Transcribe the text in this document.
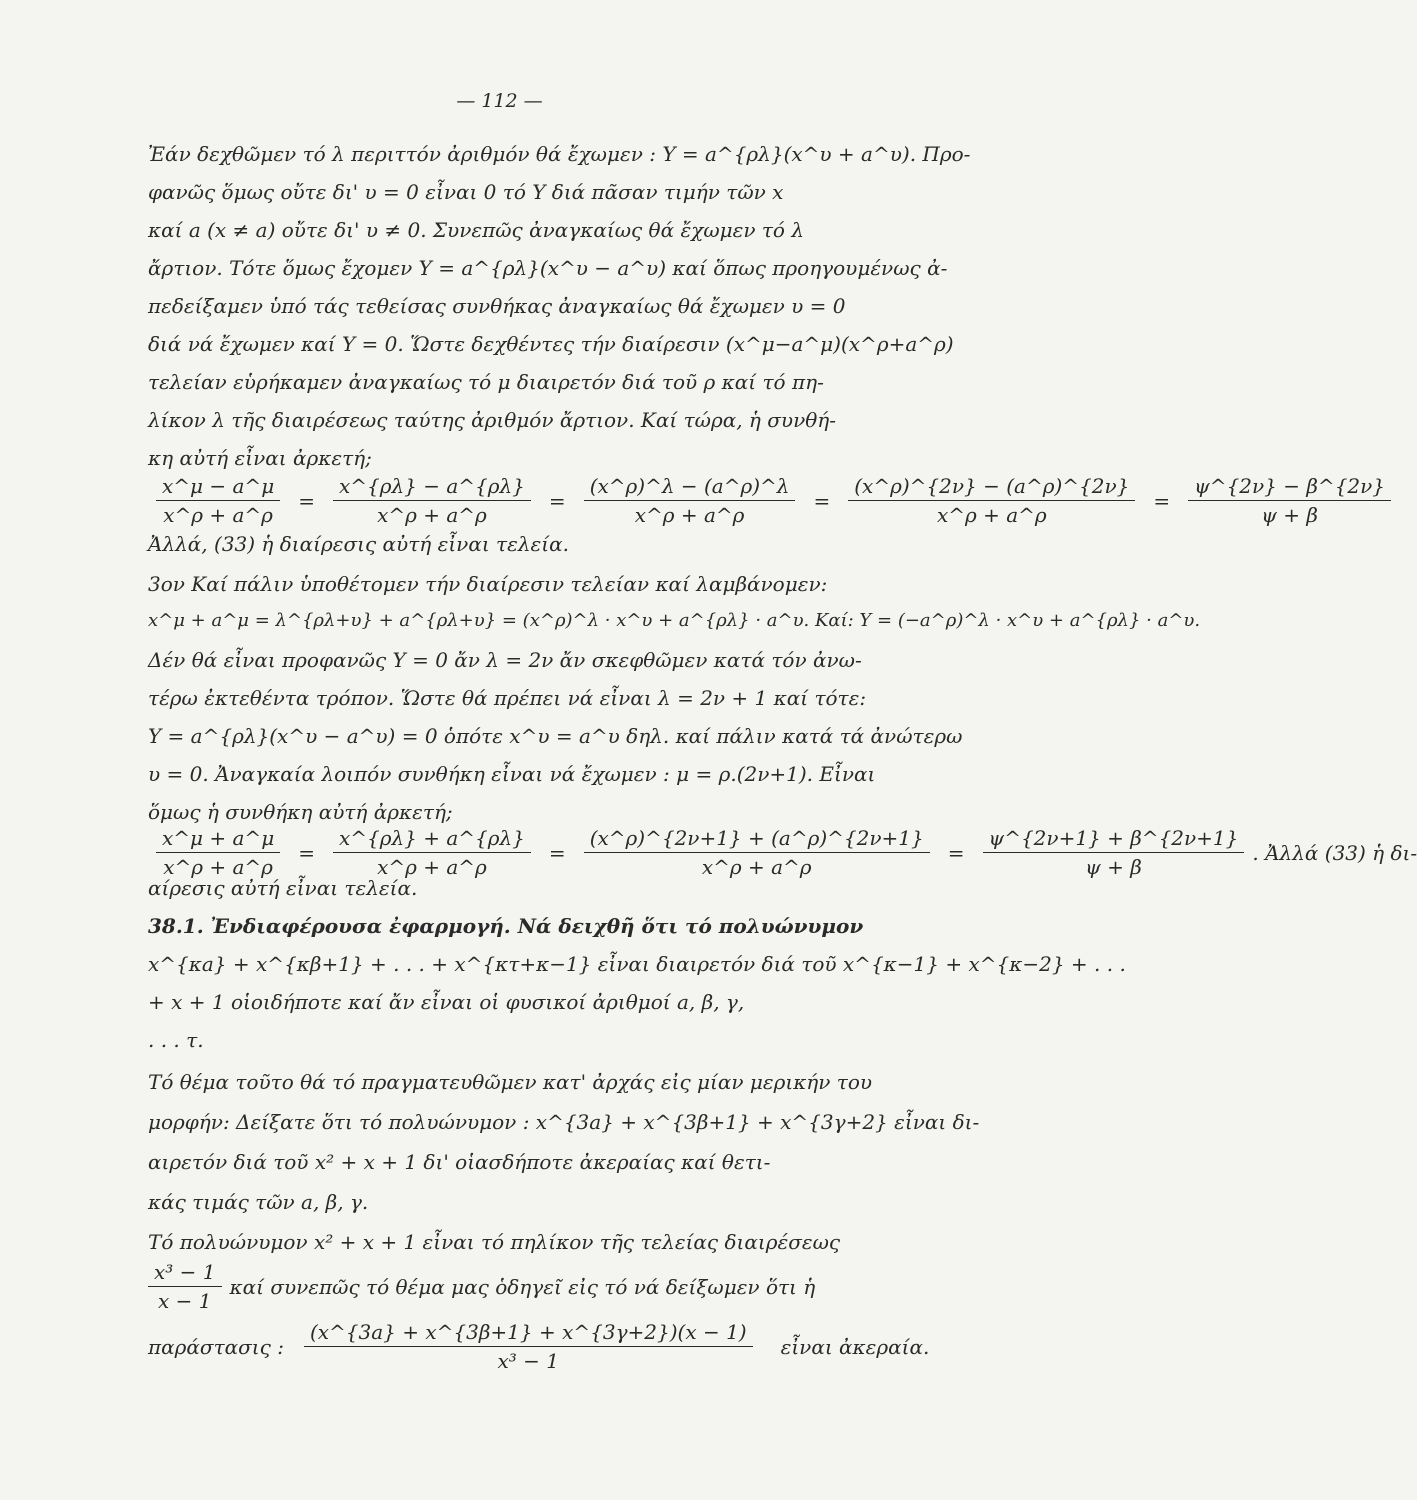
— 112 —
Ἐάν δεχθῶμεν τό λ περιττόν ἀριθμόν θά ἔχωμεν : Y = a^{ρλ}(x^υ + a^υ). Προ-
φανῶς ὅμως οὔτε δι' υ = 0 εἶναι 0 τό Y διά πᾶσαν τιμήν τῶν x
καί a (x ≠ a) οὔτε δι' υ ≠ 0. Συνεπῶς ἀναγκαίως θά ἔχωμεν τό λ
ἄρτιον. Τότε ὅμως ἔχομεν Y = a^{ρλ}(x^υ − a^υ) καί ὅπως προηγουμένως ἀ-
πεδείξαμεν ὑπό τάς τεθείσας συνθήκας ἀναγκαίως θά ἔχωμεν υ = 0
διά νά ἔχωμεν καί Y = 0. Ὥστε δεχθέντες τήν διαίρεσιν (x^μ−a^μ)(x^ρ+a^ρ)
τελείαν εὑρήκαμεν ἀναγκαίως τό μ διαιρετόν διά τοῦ ρ καί τό πη-
λίκον λ τῆς διαιρέσεως ταύτης ἀριθμόν ἄρτιον. Καί τώρα, ἡ συνθή-
κη αὐτή εἶναι ἀρκετή;
$\frac{x\^{}\mu - a\^{}\mu}{x\^{}\rho + a\^{}\rho} = \frac{x\^{}\{\rho\lambda\} - a\^{}\{\rho\lambda\}}{x\^{}\rho + a\^{}\rho} = \frac{(x\^{}\rho)\^{}\lambda - (a\^{}\rho)\^{}\lambda}{x\^{}\rho + a\^{}\rho} = \frac{(x\^{}\rho)\^{}\{2\nu\} - (a\^{}\rho)\^{}\{2\nu\}}{x\^{}\rho + a\^{}\rho} = \frac{\psi\^{}\{2\nu\} - \beta\^{}\{2\nu\}}{\psi + \beta}$
Ἀλλά, (33) ἡ διαίρεσις αὐτή εἶναι τελεία.
3ον Καί πάλιν ὑποθέτομεν τήν διαίρεσιν τελείαν καί λαμβάνομεν:
x^μ + a^μ = λ^{ρλ+υ} + a^{ρλ+υ} = (x^ρ)^λ · x^υ + a^{ρλ} · a^υ. Καί: Y = (−a^ρ)^λ · x^υ + a^{ρλ} · a^υ.
Δέν θά εἶναι προφανῶς Y = 0 ἄν λ = 2ν ἄν σκεφθῶμεν κατά τόν ἀνω-
τέρω ἐκτεθέντα τρόπον. Ὥστε θά πρέπει νά εἶναι λ = 2ν + 1 καί τότε:
Y = a^{ρλ}(x^υ − a^υ) = 0 ὁπότε x^υ = a^υ δηλ. καί πάλιν κατά τά ἀνώτερω
υ = 0. Ἀναγκαία λοιπόν συνθήκη εἶναι νά ἔχωμεν : μ = ρ.(2ν+1). Εἶναι
ὅμως ἡ συνθήκη αὐτή ἀρκετή;
$\frac{x\^{}\mu + a\^{}\mu}{x\^{}\rho + a\^{}\rho} = \frac{x\^{}\{\rho\lambda\} + a\^{}\{\rho\lambda\}}{x\^{}\rho + a\^{}\rho} = \frac{(x\^{}\rho)\^{}\{2\nu+1\} + (a\^{}\rho)\^{}\{2\nu+1\}}{x\^{}\rho + a\^{}\rho} = \frac{\psi\^{}\{2\nu+1\} + \beta\^{}\{2\nu+1\}}{\psi + \beta}$ . Ἀλλά (33) ἡ δι-
αίρεσις αὐτή εἶναι τελεία.
38.1. Ἐνδιαφέρουσα ἐφαρμογή. Νά δειχθῆ ὅτι τό πολυώνυμον
x^{κa} + x^{κβ+1} + . . . + x^{κτ+κ−1} εἶναι διαιρετόν διά τοῦ x^{κ−1} + x^{κ−2} + . . .
+ x + 1 οἱοιδήποτε καί ἄν εἶναι οἱ φυσικοί ἀριθμοί a, β, γ,
. . . τ.
Τό θέμα τοῦτο θά τό πραγματευθῶμεν κατ' ἀρχάς εἰς μίαν μερικήν του
μορφήν: Δείξατε ὅτι τό πολυώνυμον : x^{3a} + x^{3β+1} + x^{3γ+2} εἶναι δι-
αιρετόν διά τοῦ x² + x + 1 δι' οἱασδήποτε ἀκεραίας καί θετι-
κάς τιμάς τῶν a, β, γ.
Τό πολυώνυμον x² + x + 1 εἶναι τό πηλίκον τῆς τελείας διαιρέσεως
$\frac{\text{x³ − 1}}{x - 1}$ καί συνεπῶς τό θέμα μας ὁδηγεῖ εἰς τό νά δείξωμεν ὅτι ἡ
παράστασις : $\frac{(x\^{}\{3a\} + x\^{}\{3\beta+1\} + x\^{}\{3\gamma+2\})(x - 1)}{\text{x³ − 1}}$ εἶναι ἀκεραία.
